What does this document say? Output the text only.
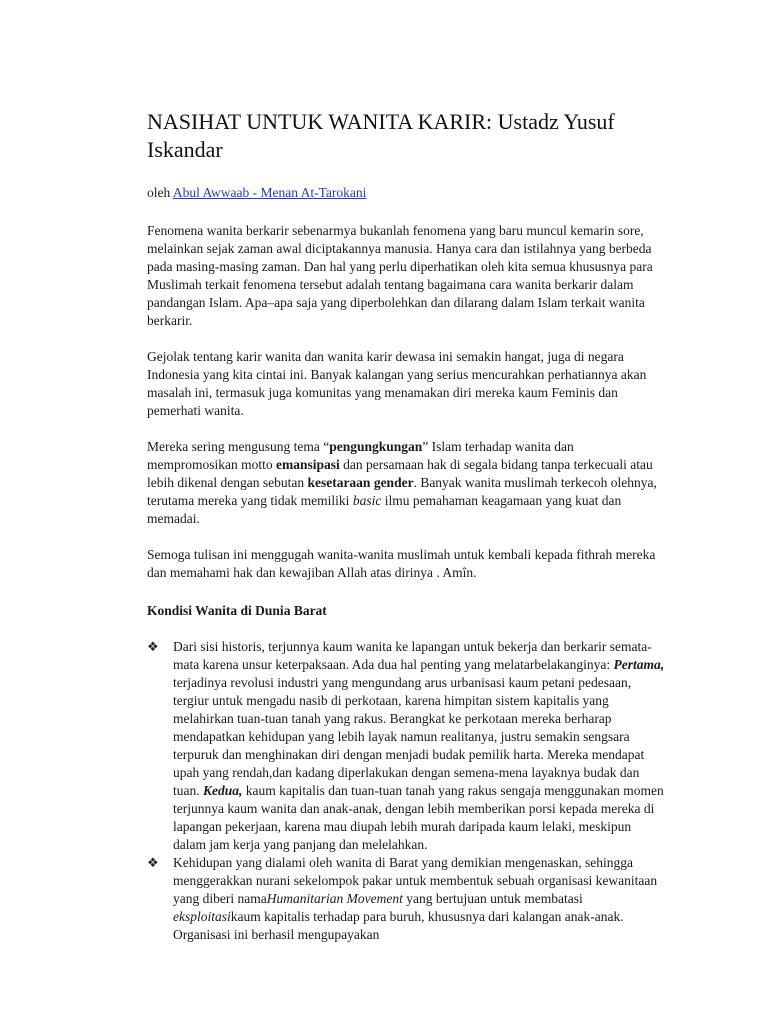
NASIHAT UNTUK WANITA KARIR: Ustadz Yusuf Iskandar
oleh Abul Awwaab - Menan At-Tarokani

Fenomena wanita berkarir sebenarmya bukanlah fenomena yang baru muncul kemarin sore, melainkan sejak zaman awal diciptakannya manusia. Hanya cara dan istilahnya yang berbeda pada masing-masing zaman. Dan hal yang perlu diperhatikan oleh kita semua khususnya para Muslimah terkait fenomena tersebut adalah tentang bagaimana cara wanita berkarir dalam pandangan Islam. Apa–apa saja yang diperbolehkan dan dilarang dalam Islam terkait wanita berkarir.

Gejolak tentang karir wanita dan wanita karir dewasa ini semakin hangat, juga di negara Indonesia yang kita cintai ini. Banyak kalangan yang serius mencurahkan perhatiannya akan masalah ini, termasuk juga komunitas yang menamakan diri mereka kaum Feminis dan pemerhati wanita.

Mereka sering mengusung tema “pengungkungan” Islam terhadap wanita dan mempromosikan motto emansipasi dan persamaan hak di segala bidang tanpa terkecuali atau lebih dikenal dengan sebutan kesetaraan gender. Banyak wanita muslimah terkecoh olehnya, terutama mereka yang tidak memiliki basic ilmu pemahaman keagamaan yang kuat dan memadai.

Semoga tulisan ini menggugah wanita-wanita muslimah untuk kembali kepada fithrah mereka dan memahami hak dan kewajiban Allah atas dirinya . Amîn.

Kondisi Wanita di Dunia Barat
❖ Dari sisi historis, terjunnya kaum wanita ke lapangan untuk bekerja dan berkarir semata-mata karena unsur keterpaksaan. Ada dua hal penting yang melatarbelakanginya: Pertama, terjadinya revolusi industri yang mengundang arus urbanisasi kaum petani pedesaan, tergiur untuk mengadu nasib di perkotaan, karena himpitan sistem kapitalis yang melahirkan tuan-tuan tanah yang rakus. Berangkat ke perkotaan mereka berharap mendapatkan kehidupan yang lebih layak namun realitanya, justru semakin sengsara terpuruk dan menghinakan diri dengan menjadi budak pemilik harta. Mereka mendapat upah yang rendah,dan kadang diperlakukan dengan semena-mena layaknya budak dan tuan. Kedua, kaum kapitalis dan tuan-tuan tanah yang rakus sengaja menggunakan momen terjunnya kaum wanita dan anak-anak, dengan lebih memberikan porsi kepada mereka di lapangan pekerjaan, karena mau diupah lebih murah daripada kaum lelaki, meskipun dalam jam kerja yang panjang dan melelahkan.
❖ Kehidupan yang dialami oleh wanita di Barat yang demikian mengenaskan, sehingga menggerakkan nurani sekelompok pakar untuk membentuk sebuah organisasi kewanitaan yang diberi namaHumanitarian Movement yang bertujuan untuk membatasi eksploitasikaum kapitalis terhadap para buruh, khususnya dari kalangan anak-anak. Organisasi ini berhasil mengupayakan
